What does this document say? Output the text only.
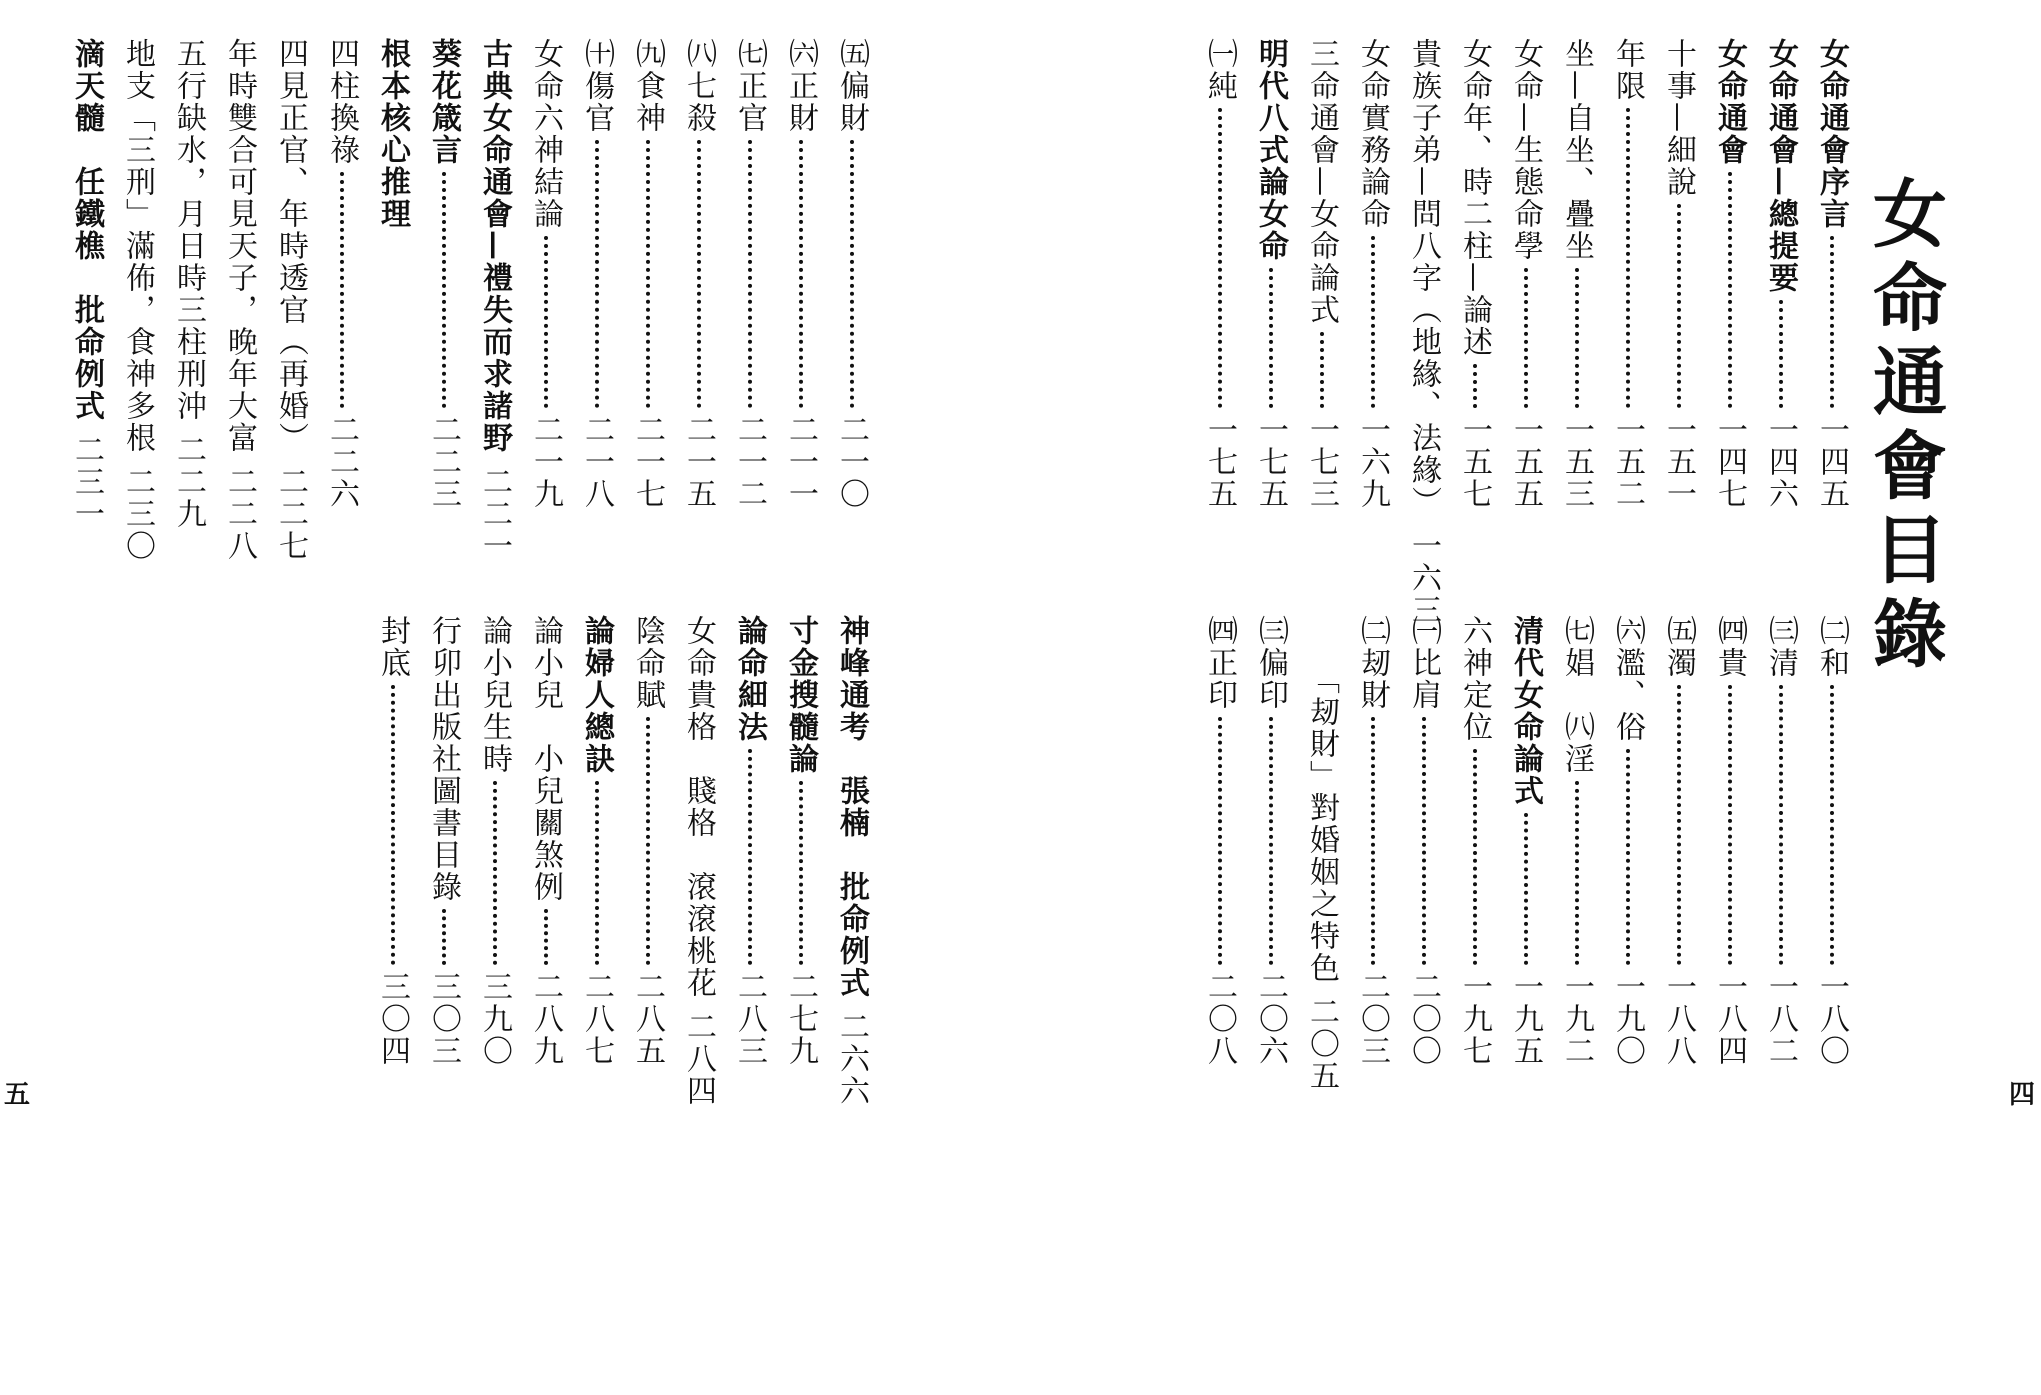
女命通會目錄
女命通會序言
一四五
女命通會—總提要
一四六
女命通會
一四七
十事—細說
一五一
年限
一五二
坐—自坐、疊坐
一五三
女命—生態命學
一五五
女命年、時二柱—論述
一五七
貴族子弟—問八字（地緣、法緣）
一六三
女命實務論命
一六九
三命通會—女命論式
一七三
明代八式論女命
一七五
㈠純
一七五
㈡和
一八〇
㈢清
一八二
㈣貴
一八四
㈤濁
一八八
㈥濫、俗
一九〇
㈦娼　㈧淫
一九二
清代女命論式
一九五
六神定位
一九七
㈠比肩
二〇〇
㈡刼財
二〇三
　　「刼財」對婚姻之特色
二〇五
㈢偏印
二〇六
㈣正印
二〇八
四
㈤偏財
二一〇
㈥正財
二一一
㈦正官
二一二
㈧七殺
二一五
㈨食神
二一七
㈩傷官
二一八
女命六神結論
二一九
古典女命通會—禮失而求諸野
二二一
葵花箴言
二二三
根本核心推理
四柱換祿
二二六
四見正官、年時透官（再婚）
二二七
年時雙合可見天子，晚年大富
二二八
五行缺水，月日時三柱刑沖
二二九
地支「三刑」滿佈，食神多根
二三〇
滴天髓　任鐵樵　批命例式
二三一
神峰通考　張楠　批命例式
二六六
寸金搜髓論
二七九
論命細法
二八三
女命貴格　賤格　滾滾桃花
二八四
陰命賦
二八五
論婦人總訣
二八七
論小兒　小兒關煞例
二八九
論小兒生時
三九〇
行卯出版社圖書目錄
三〇三
封底
三〇四
五
